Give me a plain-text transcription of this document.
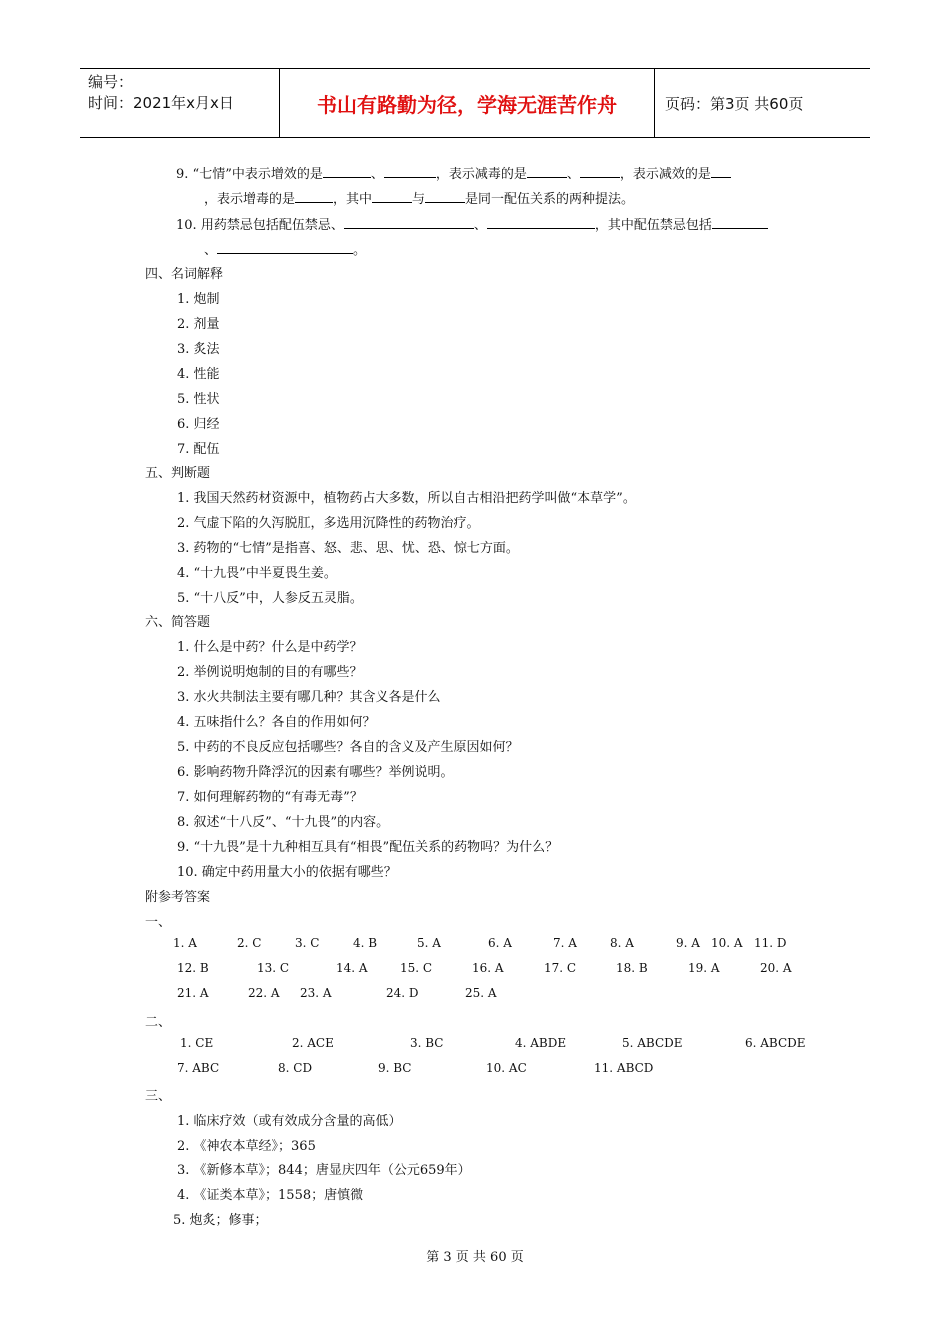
编号：
时间：2021年x月x日	书山有路勤为径，学海无涯苦作舟	页码：第3页 共60页
9. “七情”中表示增效的是	、	，表示减毒的是	、	，表示减效的是
，表示增毒的是	，其中	与	是同一配伍关系的两种提法。
10. 用药禁忌包括配伍禁忌、	、	，其中配伍禁忌包括
、	。
四、名词解释
1. 炮制
2. 剂量
3. 炙法
4. 性能
5. 性状
6. 归经
7. 配伍
五、判断题
1. 我国天然药材资源中，植物药占大多数，所以自古相沿把药学叫做“本草学”。
2. 气虚下陷的久泻脱肛，多选用沉降性的药物治疗。
3. 药物的“七情”是指喜、怒、悲、思、忧、恐、惊七方面。
4. “十九畏”中半夏畏生姜。
5. “十八反”中，人参反五灵脂。
六、简答题
1. 什么是中药？什么是中药学？
2. 举例说明炮制的目的有哪些？
3. 水火共制法主要有哪几种？其含义各是什么
4. 五味指什么？各自的作用如何？
5. 中药的不良反应包括哪些？各自的含义及产生原因如何？
6. 影响药物升降浮沉的因素有哪些？举例说明。
7. 如何理解药物的“有毒无毒”？
8. 叙述“十八反”、“十九畏”的内容。
9. “十九畏”是十九种相互具有“相畏”配伍关系的药物吗？为什么？
10. 确定中药用量大小的依据有哪些？
附参考答案
一、
1. A	2. C	3. C	4. B	5. A	6. A	7. A	8. A	9. A 10. A 11. D
12. B	13. C	14. A	15. C	16. A	17. C	18. B	19. A	20. A
21. A	22. A 23. A	24. D	25. A
二、
1. CE	2. ACE	3. BC	4. ABDE	5. ABCDE	6. ABCDE
7. ABC	8. CD	9. BC	10. AC	11. ABCD
三、
1. 临床疗效（或有效成分含量的高低）
2. 《神农本草经》；365
3. 《新修本草》；844；唐显庆四年（公元659年）
4. 《证类本草》；1558；唐慎微
5. 炮炙；修事；
第 3 页 共 60 页
